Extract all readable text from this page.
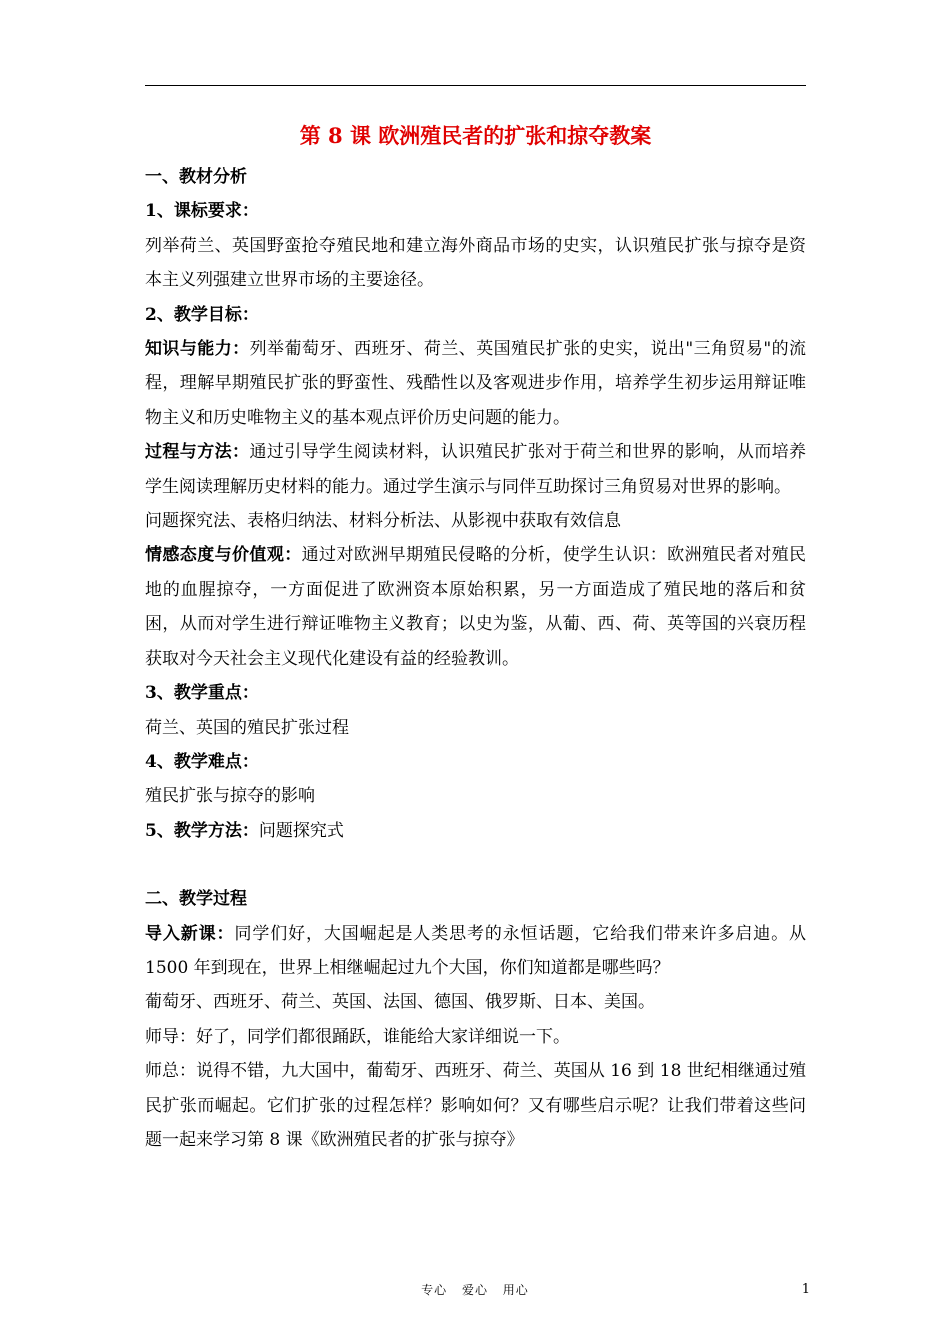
第 8 课 欧洲殖民者的扩张和掠夺教案

一、教材分析

1、课标要求：

列举荷兰、英国野蛮抢夺殖民地和建立海外商品市场的史实，认识殖民扩张与掠夺是资本主义列强建立世界市场的主要途径。

2、教学目标：

知识与能力：列举葡萄牙、西班牙、荷兰、英国殖民扩张的史实，说出"三角贸易"的流程，理解早期殖民扩张的野蛮性、残酷性以及客观进步作用，培养学生初步运用辩证唯物主义和历史唯物主义的基本观点评价历史问题的能力。

过程与方法：通过引导学生阅读材料，认识殖民扩张对于荷兰和世界的影响，从而培养学生阅读理解历史材料的能力。通过学生演示与同伴互助探讨三角贸易对世界的影响。

问题探究法、表格归纳法、材料分析法、从影视中获取有效信息

情感态度与价值观：通过对欧洲早期殖民侵略的分析，使学生认识：欧洲殖民者对殖民地的血腥掠夺，一方面促进了欧洲资本原始积累，另一方面造成了殖民地的落后和贫困，从而对学生进行辩证唯物主义教育；以史为鉴，从葡、西、荷、英等国的兴衰历程获取对今天社会主义现代化建设有益的经验教训。

3、教学重点：

荷兰、英国的殖民扩张过程

4、教学难点：

殖民扩张与掠夺的影响

5、教学方法：问题探究式

二、教学过程

导入新课：同学们好，大国崛起是人类思考的永恒话题，它给我们带来许多启迪。从 1500 年到现在，世界上相继崛起过九个大国，你们知道都是哪些吗？

葡萄牙、西班牙、荷兰、英国、法国、德国、俄罗斯、日本、美国。

师导：好了，同学们都很踊跃，谁能给大家详细说一下。

师总：说得不错，九大国中，葡萄牙、西班牙、荷兰、英国从 16 到 18 世纪相继通过殖民扩张而崛起。它们扩张的过程怎样？影响如何？又有哪些启示呢？让我们带着这些问题一起来学习第 8 课《欧洲殖民者的扩张与掠夺》

专心 爱心 用心	1
